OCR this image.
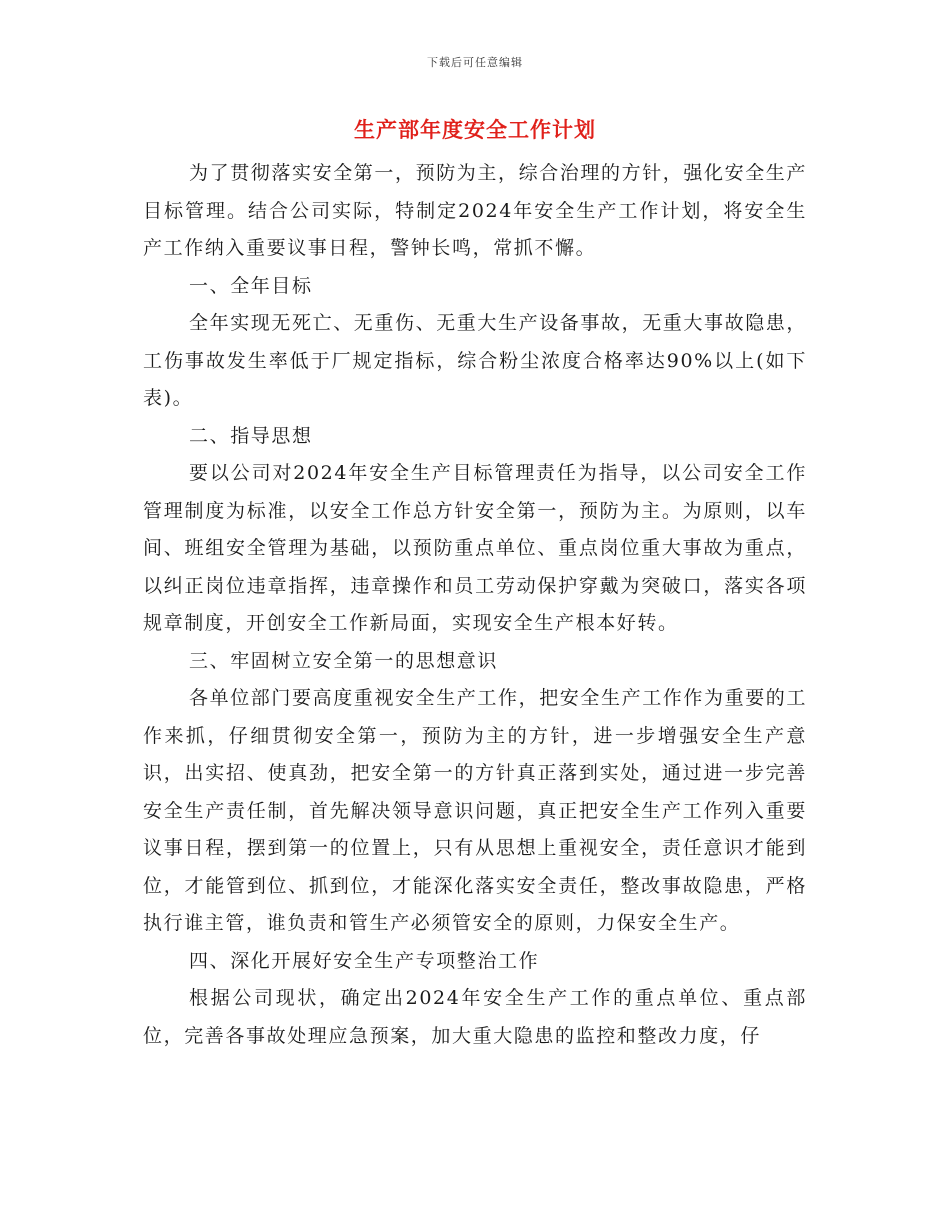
下载后可任意编辑
生产部年度安全工作计划

为了贯彻落实安全第一，预防为主，综合治理的方针，强化安全生产目标管理。结合公司实际，特制定2024年安全生产工作计划，将安全生产工作纳入重要议事日程，警钟长鸣，常抓不懈。

一、全年目标

全年实现无死亡、无重伤、无重大生产设备事故，无重大事故隐患，工伤事故发生率低于厂规定指标，综合粉尘浓度合格率达90%以上(如下表)。

二、指导思想

要以公司对2024年安全生产目标管理责任为指导，以公司安全工作管理制度为标准，以安全工作总方针安全第一，预防为主。为原则，以车间、班组安全管理为基础，以预防重点单位、重点岗位重大事故为重点，以纠正岗位违章指挥，违章操作和员工劳动保护穿戴为突破口，落实各项规章制度，开创安全工作新局面，实现安全生产根本好转。

三、牢固树立安全第一的思想意识

各单位部门要高度重视安全生产工作，把安全生产工作作为重要的工作来抓，仔细贯彻安全第一，预防为主的方针，进一步增强安全生产意识，出实招、使真劲，把安全第一的方针真正落到实处，通过进一步完善安全生产责任制，首先解决领导意识问题，真正把安全生产工作列入重要议事日程，摆到第一的位置上，只有从思想上重视安全，责任意识才能到位，才能管到位、抓到位，才能深化落实安全责任，整改事故隐患，严格执行谁主管，谁负责和管生产必须管安全的原则，力保安全生产。

四、深化开展好安全生产专项整治工作

根据公司现状，确定出2024年安全生产工作的重点单位、重点部位，完善各事故处理应急预案，加大重大隐患的监控和整改力度，仔
